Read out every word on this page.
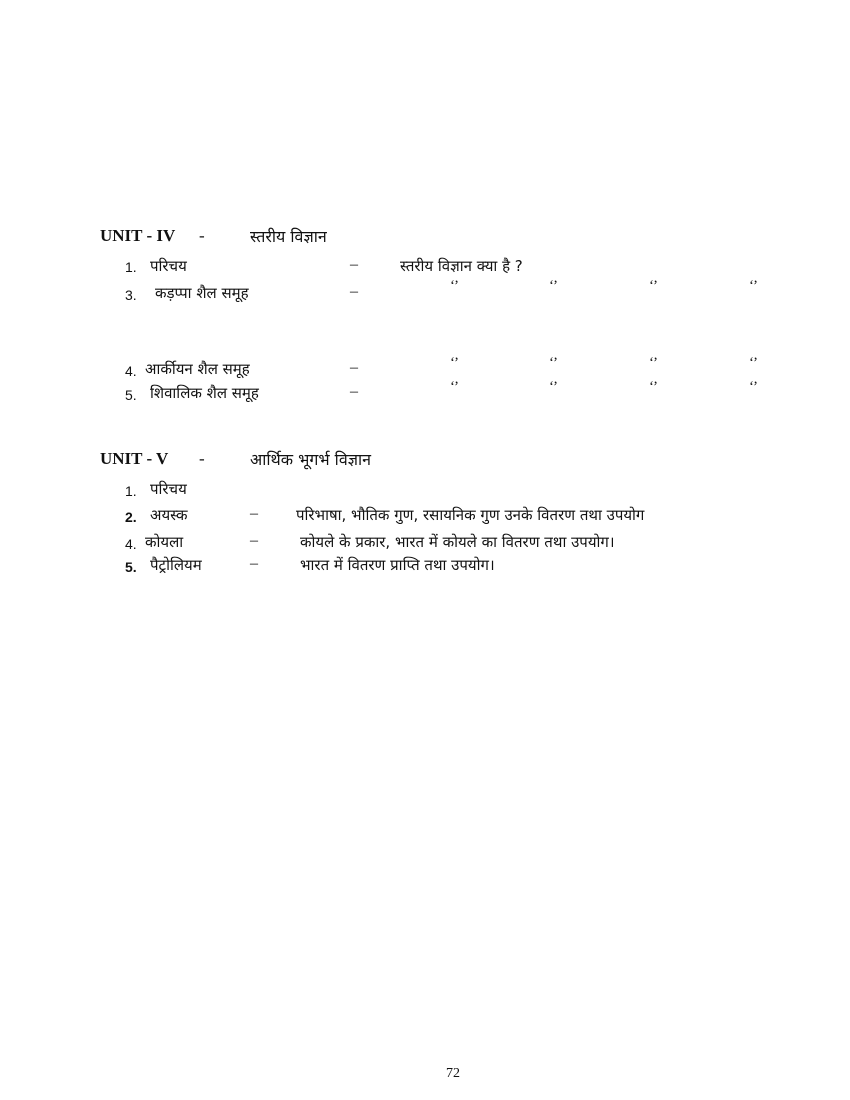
UNIT - IV -	स्तरीय विज्ञान
1. परिचय	–	स्तरीय विज्ञान क्या है ?
3. कड़प्पा शैल समूह	–	‘’	‘’	‘’	‘’
4. आर्कीयन शैल समूह	–	‘’	‘’	‘’	‘’
5. शिवालिक शैल समूह	–	‘’	‘’	‘’	‘’
UNIT - V -	आर्थिक भूगर्भ विज्ञान
1. परिचय
2. अयस्क	–	परिभाषा, भौतिक गुण, रसायनिक गुण उनके वितरण तथा उपयोग
4. कोयला	–	कोयले के प्रकार, भारत में कोयले का वितरण तथा उपयोग।
5. पैट्रोलियम	–	भारत में वितरण प्राप्ति तथा उपयोग।
72
